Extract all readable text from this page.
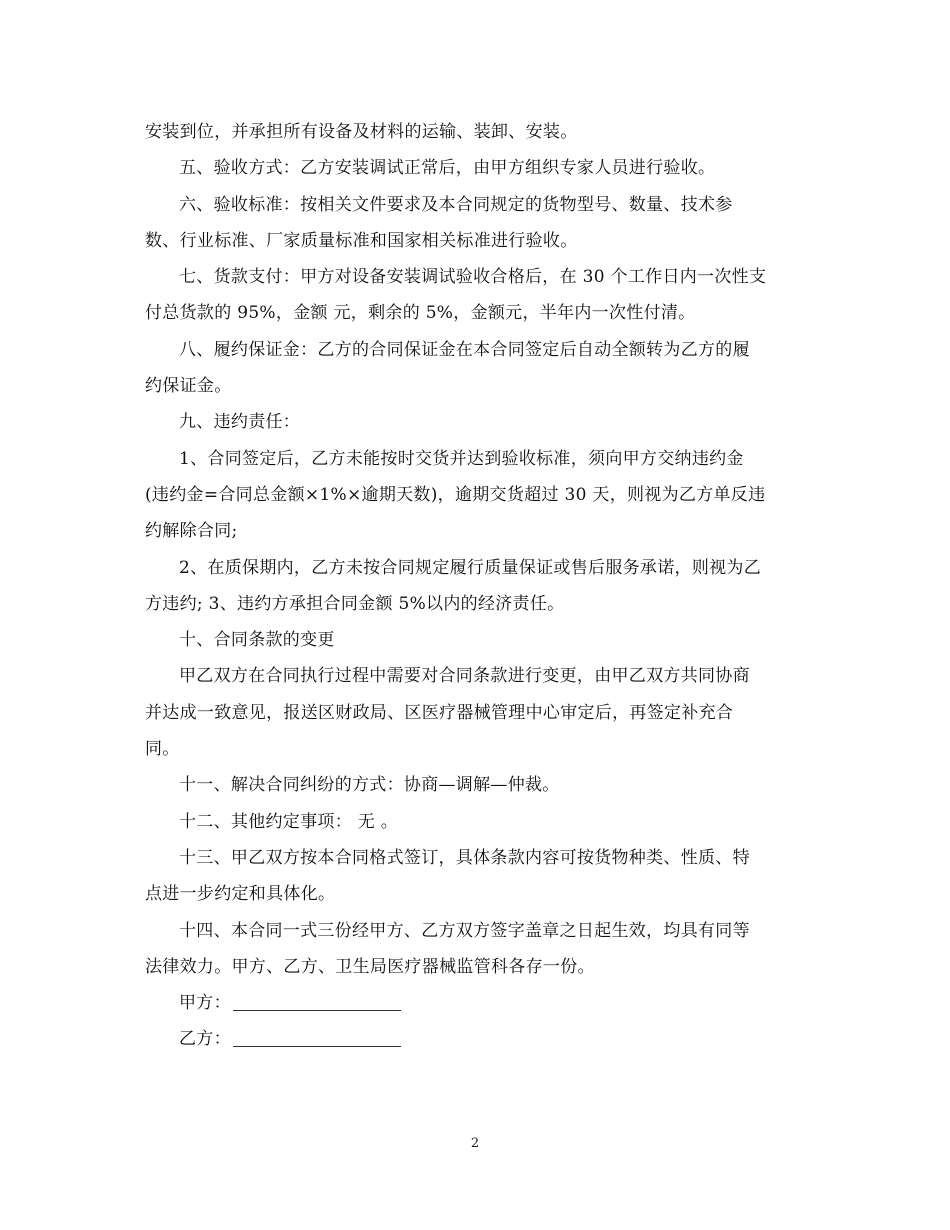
安装到位，并承担所有设备及材料的运输、装卸、安装。
五、验收方式：乙方安装调试正常后，由甲方组织专家人员进行验收。
六、验收标准：按相关文件要求及本合同规定的货物型号、数量、技术参
数、行业标准、厂家质量标准和国家相关标准进行验收。
七、货款支付：甲方对设备安装调试验收合格后，在 30 个工作日内一次性支
付总货款的 95%，金额 元，剩余的 5%，金额元，半年内一次性付清。
八、履约保证金：乙方的合同保证金在本合同签定后自动全额转为乙方的履
约保证金。
九、违约责任：
1、合同签定后，乙方未能按时交货并达到验收标准，须向甲方交纳违约金
(违约金=合同总金额×1%×逾期天数)，逾期交货超过 30 天，则视为乙方单反违
约解除合同;
2、在质保期内，乙方未按合同规定履行质量保证或售后服务承诺，则视为乙
方违约; 3、违约方承担合同金额 5%以内的经济责任。
十、合同条款的变更
甲乙双方在合同执行过程中需要对合同条款进行变更，由甲乙双方共同协商
并达成一致意见，报送区财政局、区医疗器械管理中心审定后，再签定补充合
同。
十一、解决合同纠纷的方式：协商—调解—仲裁。
十二、其他约定事项： 无 。
十三、甲乙双方按本合同格式签订，具体条款内容可按货物种类、性质、特
点进一步约定和具体化。
十四、本合同一式三份经甲方、乙方双方签字盖章之日起生效，均具有同等
法律效力。甲方、乙方、卫生局医疗器械监管科各存一份。
甲方：
乙方：
2
